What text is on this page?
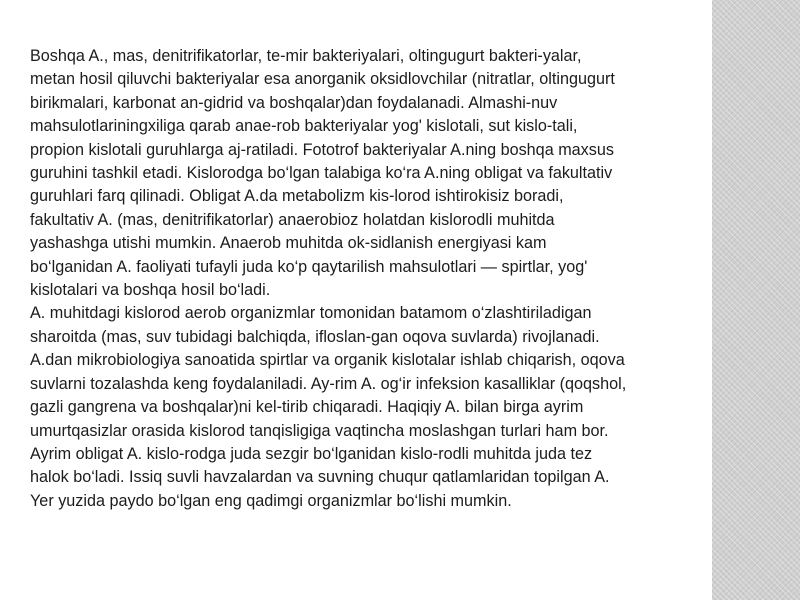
Boshqa A., mas, denitrifikatorlar, te-mir bakteriyalari, oltingugurt bakteri-yalar,
metan hosil qiluvchi bakteriyalar esa anorganik oksidlovchilar (nitratlar, oltingugurt
birikmalari, karbonat an-gidrid va boshqalar)dan foydalanadi. Almashi-nuv
mahsulotlariningxiliga qarab anae-rob bakteriyalar yog' kislotali, sut kislo-tali,
propion kislotali guruhlarga aj-ratiladi. Fototrof bakteriyalar A.ning boshqa maxsus
guruhini tashkil etadi. Kislorodga bo‘lgan talabiga ko‘ra A.ning obligat va fakultativ
guruhlari farq qilinadi. Obligat A.da metabolizm kis-lorod ishtirokisiz boradi,
fakultativ A. (mas, denitrifikatorlar) anaerobioz holatdan kislorodli muhitda
yashashga utishi mumkin. Anaerob muhitda ok-sidlanish energiyasi kam
bo‘lganidan A. faoliyati tufayli juda ko‘p qaytarilish mahsulotlari — spirtlar, yog'
kislotalari va boshqa hosil bo‘ladi.
A. muhitdagi kislorod aerob organizmlar tomonidan batamom o‘zlashtiriladigan
sharoitda (mas, suv tubidagi balchiqda, ifloslan-gan oqova suvlarda) rivojlanadi.
A.dan mikrobiologiya sanoatida spirtlar va organik kislotalar ishlab chiqarish, oqova
suvlarni tozalashda keng foydalaniladi. Ay-rim A. og‘ir infeksion kasalliklar (qoqshol,
gazli gangrena va boshqalar)ni kel-tirib chiqaradi. Haqiqiy A. bilan birga ayrim
umurtqasizlar orasida kislorod tanqisligiga vaqtincha moslashgan turlari ham bor.
Ayrim obligat A. kislo-rodga juda sezgir bo‘lganidan kislo-rodli muhitda juda tez
halok bo‘ladi. Issiq suvli havzalardan va suvning chuqur qatlamlaridan topilgan A.
Yer yuzida paydo bo‘lgan eng qadimgi organizmlar bo‘lishi mumkin.
